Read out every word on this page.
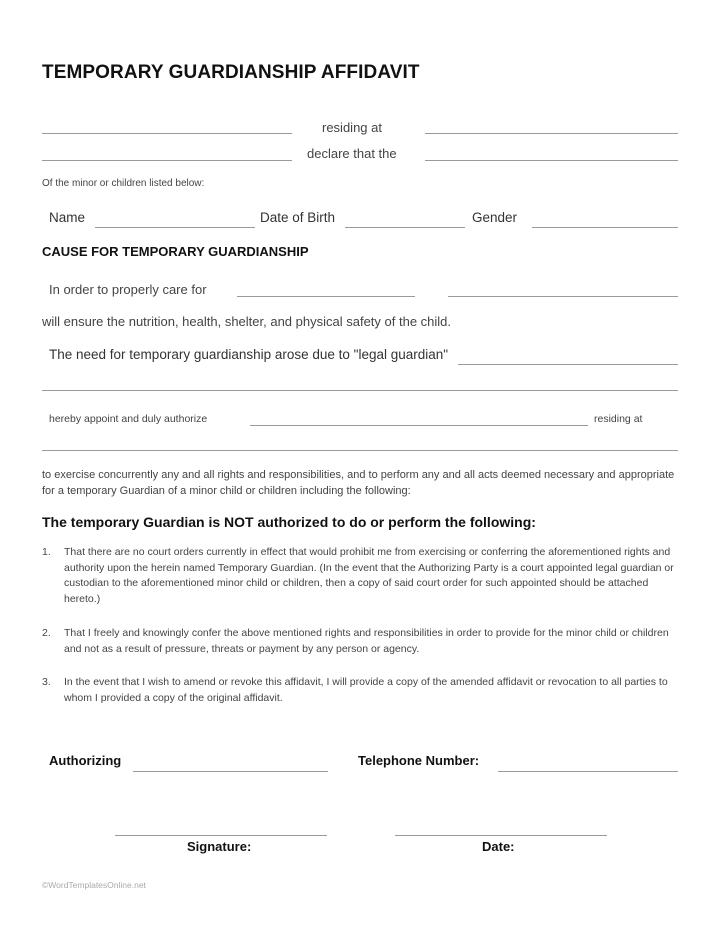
TEMPORARY GUARDIANSHIP AFFIDAVIT
residing at
declare that the
Of the minor or children listed below:
Name	Date of Birth	Gender
CAUSE FOR TEMPORARY GUARDIANSHIP
In order to properly care for
will ensure the nutrition, health, shelter, and physical safety of the child.
The need for temporary guardianship arose due to "legal guardian"
hereby appoint and duly authorize	residing at
to exercise concurrently any and all rights and responsibilities, and to perform any and all acts deemed necessary and appropriate for a temporary Guardian of a minor child or children including the following:
The temporary Guardian is NOT authorized to do or perform the following:
1. That there are no court orders currently in effect that would prohibit me from exercising or conferring the aforementioned rights and authority upon the herein named Temporary Guardian. (In the event that the Authorizing Party is a court appointed legal guardian or custodian to the aforementioned minor child or children, then a copy of said court order for such appointed should be attached hereto.)
2. That I freely and knowingly confer the above mentioned rights and responsibilities in order to provide for the minor child or children and not as a result of pressure, threats or payment by any person or agency.
3. In the event that I wish to amend or revoke this affidavit, I will provide a copy of the amended affidavit or revocation to all parties to whom I provided a copy of the original affidavit.
Authorizing	Telephone Number:
Signature:	Date:
©WordTemplatesOnline.net
